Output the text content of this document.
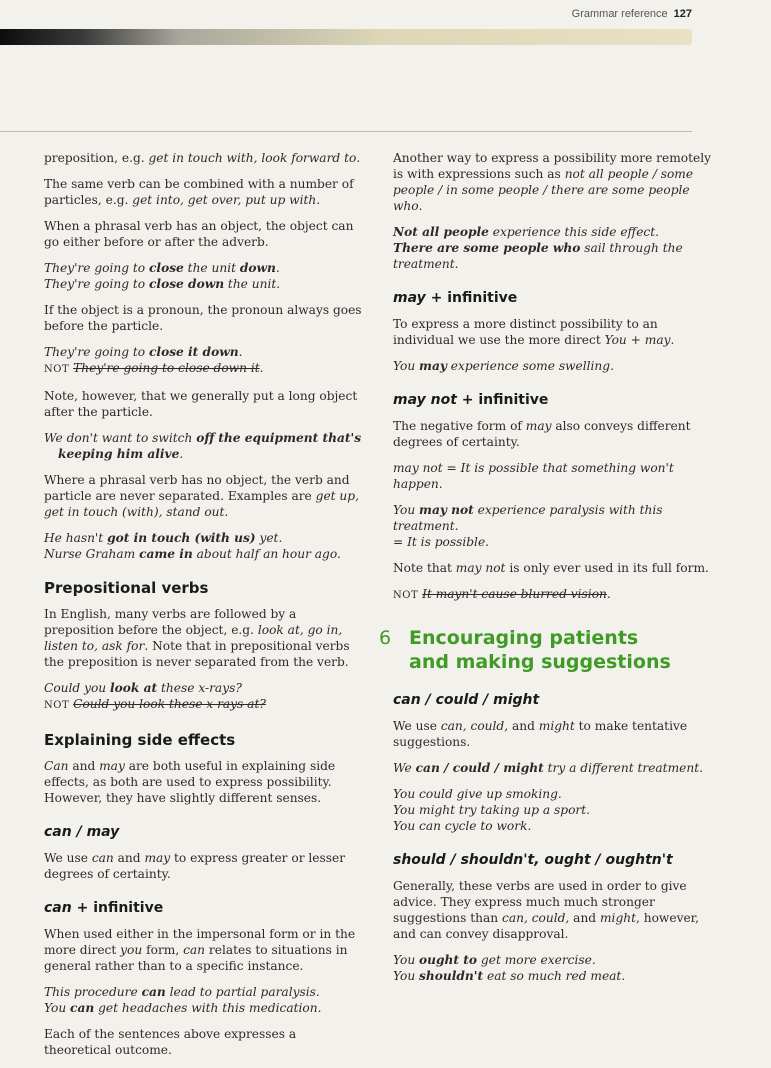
Grammar reference 127

preposition, e.g. get in touch with, look forward to.

The same verb can be combined with a number of particles, e.g. get into, get over, put up with.

When a phrasal verb has an object, the object can go either before or after the adverb.

They're going to close the unit down.
They're going to close down the unit.

If the object is a pronoun, the pronoun always goes before the particle.

They're going to close it down.
NOT They're going to close down it.

Note, however, that we generally put a long object after the particle.

We don't want to switch off the equipment that's
keeping him alive.

Where a phrasal verb has no object, the verb and particle are never separated. Examples are get up, get in touch (with), stand out.

He hasn't got in touch (with us) yet.
Nurse Graham came in about half an hour ago.
Prepositional verbs

In English, many verbs are followed by a preposition before the object, e.g. look at, go in, listen to, ask for. Note that in prepositional verbs the preposition is never separated from the verb.

Could you look at these x-rays?
NOT Could you look these x-rays at?
Explaining side effects

Can and may are both useful in explaining side effects, as both are used to express possibility. However, they have slightly different senses.

can / may

We use can and may to express greater or lesser degrees of certainty.

can + infinitive

When used either in the impersonal form or in the more direct you form, can relates to situations in general rather than to a specific instance.

This procedure can lead to partial paralysis.
You can get headaches with this medication.

Each of the sentences above expresses a theoretical outcome.

Another way to express a possibility more remotely is with expressions such as not all people / some people / in some people / there are some people who.

Not all people experience this side effect.
There are some people who sail through the treatment.
may + infinitive

To express a more distinct possibility to an individual we use the more direct You + may.

You may experience some swelling.
may not + infinitive

The negative form of may also conveys different degrees of certainty.

may not = It is possible that something won't happen.
You may not experience paralysis with this treatment.
= It is possible.

Note that may not is only ever used in its full form.

NOT It mayn't cause blurred vision.
6 Encouraging patients
and making suggestions
can / could / might

We use can, could, and might to make tentative suggestions.

We can / could / might try a different treatment.
You could give up smoking.
You might try taking up a sport.
You can cycle to work.
should / shouldn't, ought / oughtn't

Generally, these verbs are used in order to give advice. They express much much stronger suggestions than can, could, and might, however, and can convey disapproval.

You ought to get more exercise.
You shouldn't eat so much red meat.
